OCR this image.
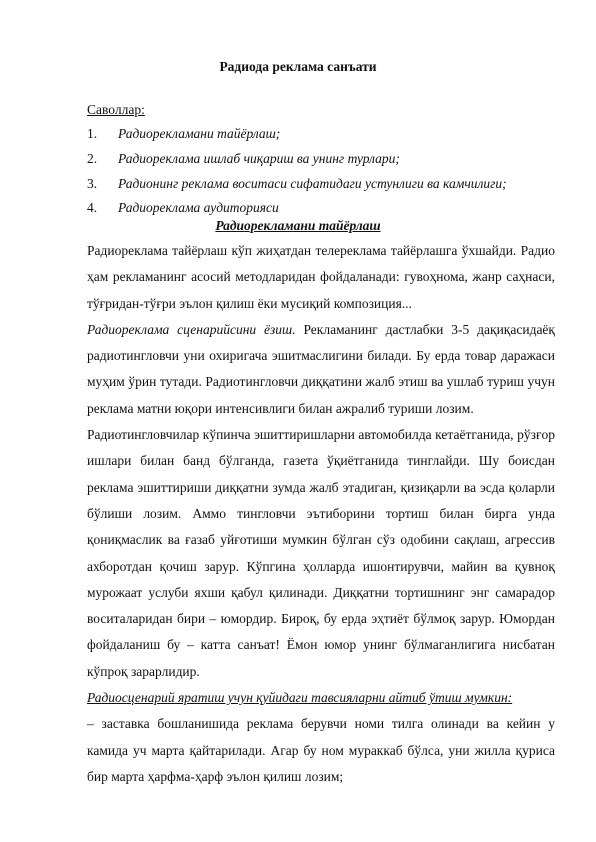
Радиода реклама санъати
Саволлар:
1. Радиорекламани тайёрлаш;
2. Радиореклама ишлаб чиқариш ва унинг турлари;
3. Радионинг реклама воситаси сифатидаги устунлиги ва камчилиги;
4. Радиореклама аудиторияси
Радиорекламани тайёрлаш

Радиореклама тайёрлаш кўп жиҳатдан телереклама тайёрлашга ўхшайди. Радио ҳам рекламанинг асосий методларидан фойдаланади: гувоҳнома, жанр саҳнаси, тўғридан-тўғри эълон қилиш ёки мусиқий композиция...

Радиореклама сценарийсини ёзиш. Рекламанинг дастлабки 3-5 дақиқасидаёқ радиотингловчи уни охиригача эшитмаслигини билади. Бу ерда товар даражаси муҳим ўрин тутади. Радиотингловчи диққатини жалб этиш ва ушлаб туриш учун реклама матни юқори интенсивлиги билан ажралиб туриши лозим.

Радиотингловчилар кўпинча эшиттиришларни автомобилда кетаётганида, рўзғор ишлари билан банд бўлганда, газета ўқиётганида тинглайди. Шу боисдан реклама эшиттириши диққатни зумда жалб этадиган, қизиқарли ва эсда қоларли бўлиши лозим. Аммо тингловчи эътиборини тортиш билан бирга унда қониқмаслик ва ғазаб уйғотиши мумкин бўлган сўз одобини сақлаш, агрессив ахборотдан қочиш зарур. Кўпгина ҳолларда ишонтирувчи, майин ва қувноқ мурожаат услуби яхши қабул қилинади. Диққатни тортишнинг энг самарадор воситаларидан бири – юмордир. Бироқ, бу ерда эҳтиёт бўлмоқ зарур. Юмордан фойдаланиш бу – катта санъат! Ёмон юмор унинг бўлмаганлигига нисбатан кўпроқ зарарлидир.

Радиосценарий яратиш учун қуйидаги тавсияларни айтиб ўтиш мумкин:

– заставка бошланишида реклама берувчи номи тилга олинади ва кейин у камида уч марта қайтарилади. Агар бу ном мураккаб бўлса, уни жилла қуриса бир марта ҳарфма-ҳарф эълон қилиш лозим;
